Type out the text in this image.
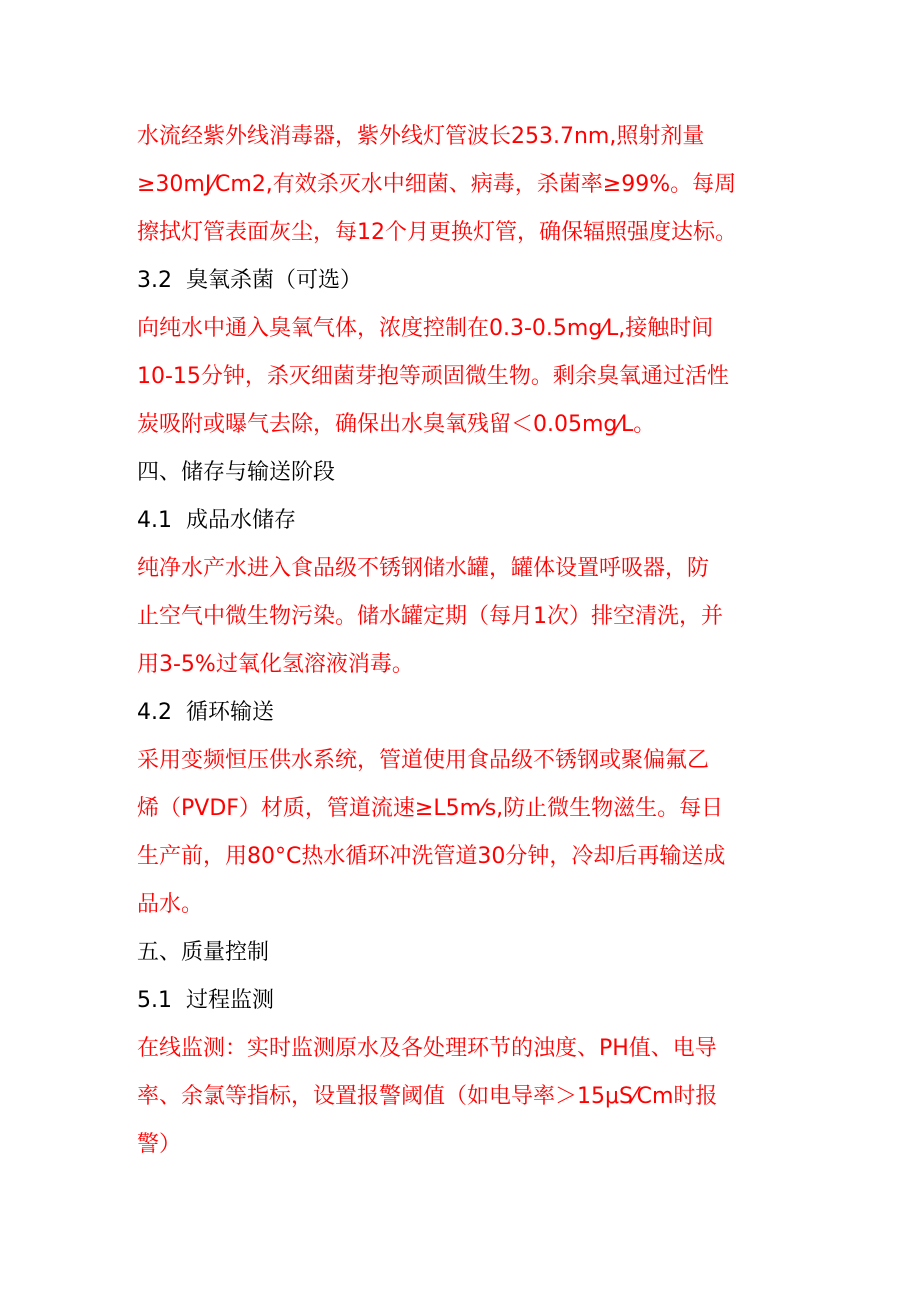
水流经紫外线消毒器，紫外线灯管波长253.7nm,照射剂量
≥30mJ⁄Cm2,有效杀灭水中细菌、病毒，杀菌率≥99%。每周
擦拭灯管表面灰尘，每12个月更换灯管，确保辐照强度达标。
3.2 臭氧杀菌（可选）
向纯水中通入臭氧气体，浓度控制在0.3-0.5mg⁄L,接触时间
10-15分钟，杀灭细菌芽抱等顽固微生物。剩余臭氧通过活性
炭吸附或曝气去除，确保出水臭氧残留＜0.05mg⁄L。
四、储存与输送阶段
4.1 成品水储存
纯净水产水进入食品级不锈钢储水罐，罐体设置呼吸器，防
止空气中微生物污染。储水罐定期（每月1次）排空清洗，并
用3-5%过氧化氢溶液消毒。
4.2 循环输送
采用变频恒压供水系统，管道使用食品级不锈钢或聚偏氟乙
烯（PVDF）材质，管道流速≥L5m⁄s,防止微生物滋生。每日
生产前，用80°C热水循环冲洗管道30分钟，冷却后再输送成
品水。
五、质量控制
5.1 过程监测
在线监测：实时监测原水及各处理环节的浊度、PH值、电导
率、余氯等指标，设置报警阈值（如电导率＞15μS⁄Cm时报
警）
